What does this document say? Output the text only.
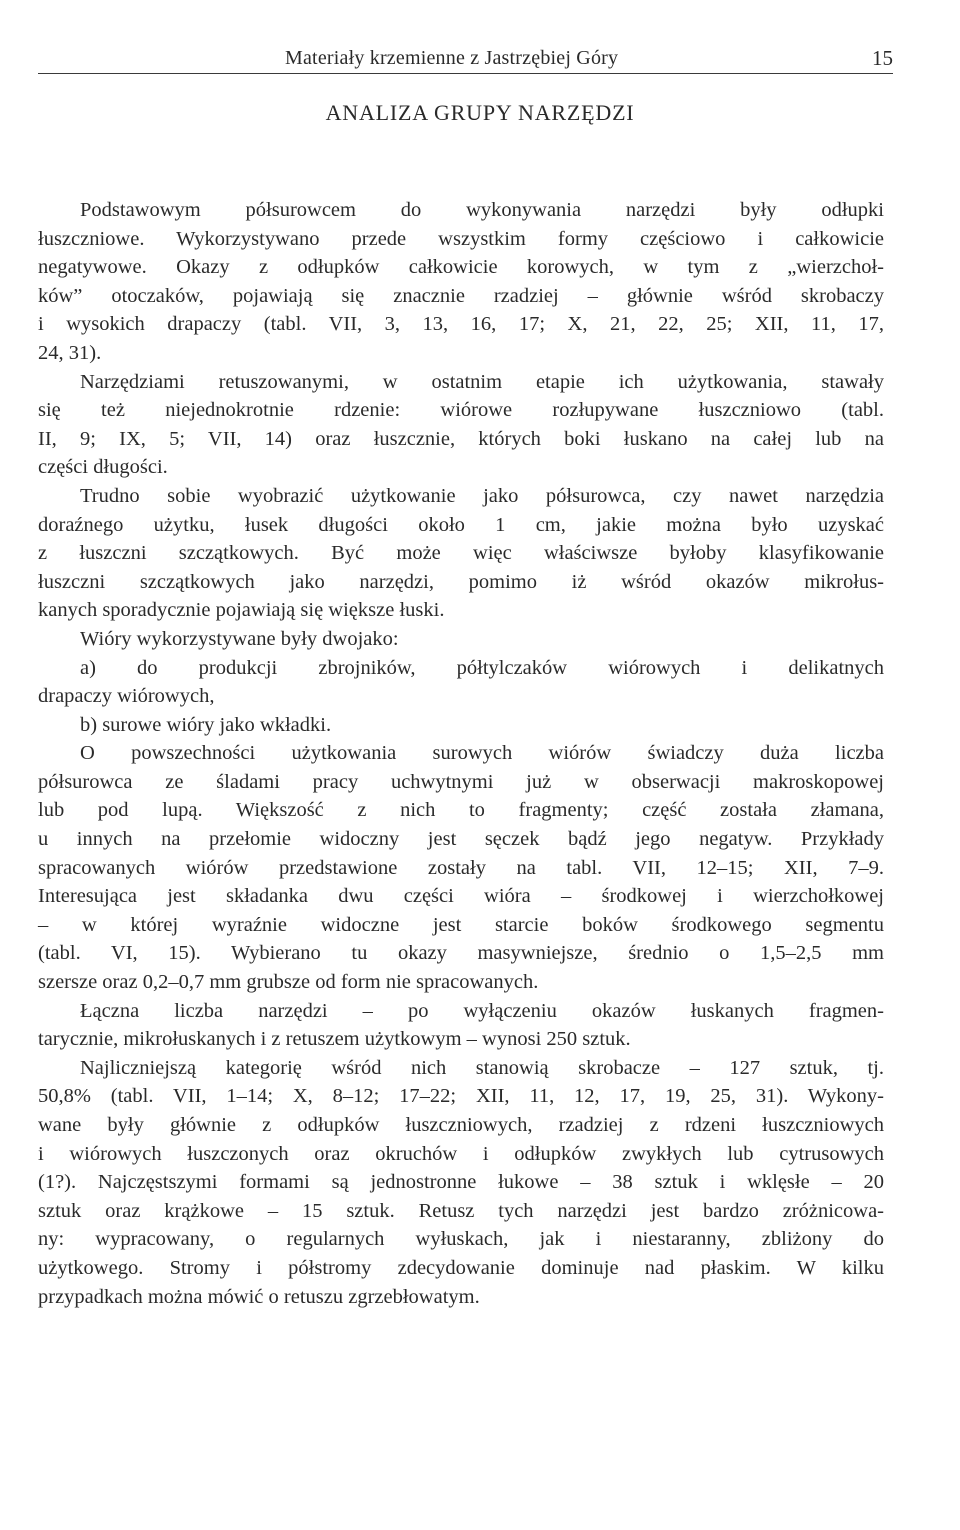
Materiały krzemienne z Jastrzębiej Góry	15
ANALIZA GRUPY NARZĘDZI
Podstawowym półsurowcem do wykonywania narzędzi były odłupki
łuszczniowe. Wykorzystywano przede wszystkim formy częściowo i całkowicie
negatywowe. Okazy z odłupków całkowicie korowych, w tym z „wierzchoł-
ków” otoczaków, pojawiają się znacznie rzadziej – głównie wśród skrobaczy
i wysokich drapaczy (tabl. VII, 3, 13, 16, 17; X, 21, 22, 25; XII, 11, 17,
24, 31).
Narzędziami retuszowanymi, w ostatnim etapie ich użytkowania, stawały
się też niejednokrotnie rdzenie: wiórowe rozłupywane łuszczniowo (tabl.
II, 9; IX, 5; VII, 14) oraz łuszcznie, których boki łuskano na całej lub na
części długości.
Trudno sobie wyobrazić użytkowanie jako półsurowca, czy nawet narzędzia
doraźnego użytku, łusek długości około 1 cm, jakie można było uzyskać
z łuszczni szczątkowych. Być może więc właściwsze byłoby klasyfikowanie
łuszczni szczątkowych jako narzędzi, pomimo iż wśród okazów mikrołus-
kanych sporadycznie pojawiają się większe łuski.
Wióry wykorzystywane były dwojako:
a) do produkcji zbrojników, półtylczaków wiórowych i delikatnych
drapaczy wiórowych,
b) surowe wióry jako wkładki.
O powszechności użytkowania surowych wiórów świadczy duża liczba
półsurowca ze śladami pracy uchwytnymi już w obserwacji makroskopowej
lub pod lupą. Większość z nich to fragmenty; część została złamana,
u innych na przełomie widoczny jest sęczek bądź jego negatyw. Przykłady
spracowanych wiórów przedstawione zostały na tabl. VII, 12–15; XII, 7–9.
Interesująca jest składanka dwu części wióra – środkowej i wierzchołkowej
– w której wyraźnie widoczne jest starcie boków środkowego segmentu
(tabl. VI, 15). Wybierano tu okazy masywniejsze, średnio o 1,5–2,5 mm
szersze oraz 0,2–0,7 mm grubsze od form nie spracowanych.
Łączna liczba narzędzi – po wyłączeniu okazów łuskanych fragmen-
tarycznie, mikrołuskanych i z retuszem użytkowym – wynosi 250 sztuk.
Najliczniejszą kategorię wśród nich stanowią skrobacze – 127 sztuk, tj.
50,8% (tabl. VII, 1–14; X, 8–12; 17–22; XII, 11, 12, 17, 19, 25, 31). Wykony-
wane były głównie z odłupków łuszczniowych, rzadziej z rdzeni łuszczniowych
i wiórowych łuszczonych oraz okruchów i odłupków zwykłych lub cytrusowych
(1?). Najczęstszymi formami są jednostronne łukowe – 38 sztuk i wklęsłe – 20
sztuk oraz krążkowe – 15 sztuk. Retusz tych narzędzi jest bardzo zróżnicowa-
ny: wypracowany, o regularnych wyłuskach, jak i niestaranny, zbliżony do
użytkowego. Stromy i półstromy zdecydowanie dominuje nad płaskim. W kilku
przypadkach można mówić o retuszu zgrzebłowatym.
